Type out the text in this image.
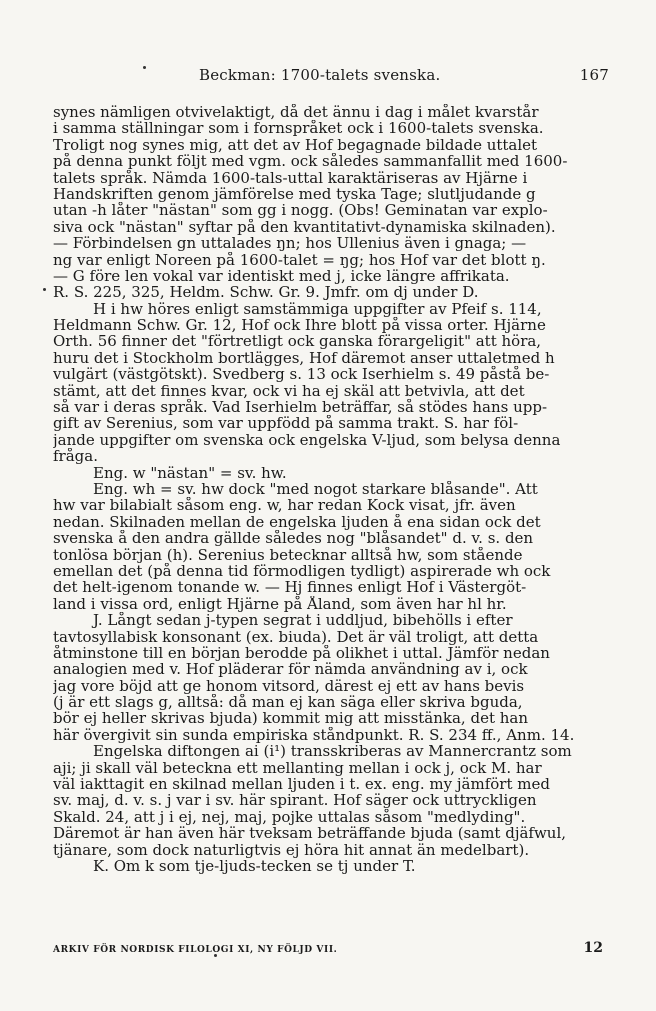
Beckman: 1700-talets svenska.	167
synes nämligen otvivelaktigt, då det ännu i dag i målet kvarstår
i samma ställningar som i fornspråket ock i 1600-talets svenska.
Troligt nog synes mig, att det av Hof begagnade bildade uttalet
på denna punkt följt med vgm. ock således sammanfallit med 1600-
talets språk. Nämda 1600-tals-uttal karaktäriseras av Hjärne i
Handskriften genom jämförelse med tyska Tage; slutljudande g
utan -h låter "nästan" som gg i nogg. (Obs! Geminatan var explo-
siva ock "nästan" syftar på den kvantitativt-dynamiska skilnaden).
— Förbindelsen gn uttalades ŋn; hos Ullenius även i gnaga; —
ng var enligt Noreen på 1600-talet = ŋg; hos Hof var det blott ŋ.
— G före len vokal var identiskt med j, icke längre affrikata.
R. S. 225, 325, Heldm. Schw. Gr. 9. Jmfr. om dj under D.
H i hw höres enligt samstämmiga uppgifter av Pfeif s. 114,
Heldmann Schw. Gr. 12, Hof ock Ihre blott på vissa orter. Hjärne
Orth. 56 finner det "förtretligt ock ganska förargeligit" att höra,
huru det i Stockholm bortlägges, Hof däremot anser uttaletmed h
vulgärt (västgötskt). Svedberg s. 13 ock Iserhielm s. 49 påstå be-
stämt, att det finnes kvar, ock vi ha ej skäl att betvivla, att det
så var i deras språk. Vad Iserhielm beträffar, så stödes hans upp-
gift av Serenius, som var uppfödd på samma trakt. S. har föl-
jande uppgifter om svenska ock engelska V-ljud, som belysa denna
fråga.
Eng. w "nästan" = sv. hw.
Eng. wh = sv. hw dock "med nogot starkare blåsande". Att
hw var bilabialt såsom eng. w, har redan Kock visat, jfr. även
nedan. Skilnaden mellan de engelska ljuden å ena sidan ock det
svenska å den andra gällde således nog "blåsandet" d. v. s. den
tonlösa början (h). Serenius betecknar alltså hw, som stående
emellan det (på denna tid förmodligen tydligt) aspirerade wh ock
det helt-igenom tonande w. — Hj finnes enligt Hof i Västergöt-
land i vissa ord, enligt Hjärne på Åland, som även har hl hr.
J. Långt sedan j-typen segrat i uddljud, bibehölls i efter
tavtosyllabisk konsonant (ex. biuda). Det är väl troligt, att detta
åtminstone till en början berodde på olikhet i uttal. Jämför nedan
analogien med v. Hof pläderar för nämda användning av i, ock
jag vore böjd att ge honom vitsord, därest ej ett av hans bevis
(j är ett slags g, alltså: då man ej kan säga eller skriva bguda,
bör ej heller skrivas bjuda) kommit mig att misstänka, det han
här övergivit sin sunda empiriska ståndpunkt. R. S. 234 ff., Anm. 14.
Engelska diftongen ai (i¹) transskriberas av Mannercrantz som
aji; ji skall väl beteckna ett mellanting mellan i ock j, ock M. har
väl iakttagit en skilnad mellan ljuden i t. ex. eng. my jämfört med
sv. maj, d. v. s. j var i sv. här spirant. Hof säger ock uttryckligen
Skald. 24, att j i ej, nej, maj, pojke uttalas såsom "medlyding".
Däremot är han även här tveksam beträffande bjuda (samt djäfwul,
tjänare, som dock naturligtvis ej höra hit annat än medelbart).
K. Om k som tje-ljuds-tecken se tj under T.
ARKIV FÖR NORDISK FILOLOGI XI, NY FÖLJD VII.	12
